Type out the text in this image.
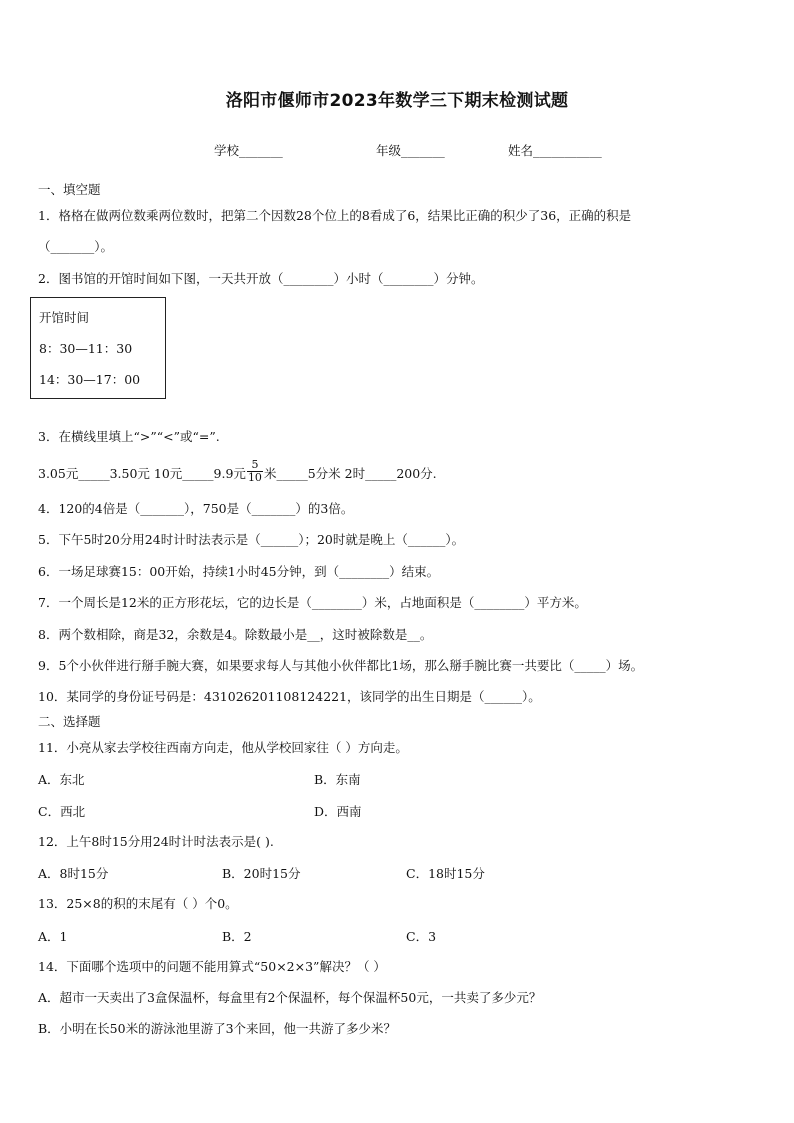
洛阳市偃师市2023年数学三下期末检测试题
学校_______	年级_______	姓名___________
一、填空题
1．格格在做两位数乘两位数时，把第二个因数28个位上的8看成了6，结果比正确的积少了36，正确的积是
（_______）。
2．图书馆的开馆时间如下图，一天共开放（________）小时（________）分钟。
开馆时间
8：30—11：30
14：30—17：00
3．在横线里填上“>”“<”或“=”.
3.05元_____3.50元 10元_____9.9元 $\frac{5}{10}$ 米_____5分米 2时_____200分.
4．120的4倍是（_______），750是（_______）的3倍。
5．下午5时20分用24时计时法表示是（______）；20时就是晚上（______）。
6．一场足球赛15：00开始，持续1小时45分钟，到（________）结束。
7．一个周长是12米的正方形花坛，它的边长是（________）米，占地面积是（________）平方米。
8．两个数相除，商是32，余数是4。除数最小是__，这时被除数是__。
9．5个小伙伴进行掰手腕大赛，如果要求每人与其他小伙伴都比1场，那么掰手腕比赛一共要比（_____）场。
10．某同学的身份证号码是：431026201108124221，该同学的出生日期是（______）。
二、选择题
11．小亮从家去学校往西南方向走，他从学校回家往（ ）方向走。
A．东北	B．东南
C．西北	D．西南
12．上午8时15分用24时计时法表示是( ).
A．8时15分	B．20时15分	C．18时15分
13．25×8的积的末尾有（ ）个0。
A．1	B．2	C．3
14．下面哪个选项中的问题不能用算式“50×2×3”解决？（ ）
A．超市一天卖出了3盒保温杯，每盒里有2个保温杯，每个保温杯50元，一共卖了多少元？
B．小明在长50米的游泳池里游了3个来回，他一共游了多少米？
